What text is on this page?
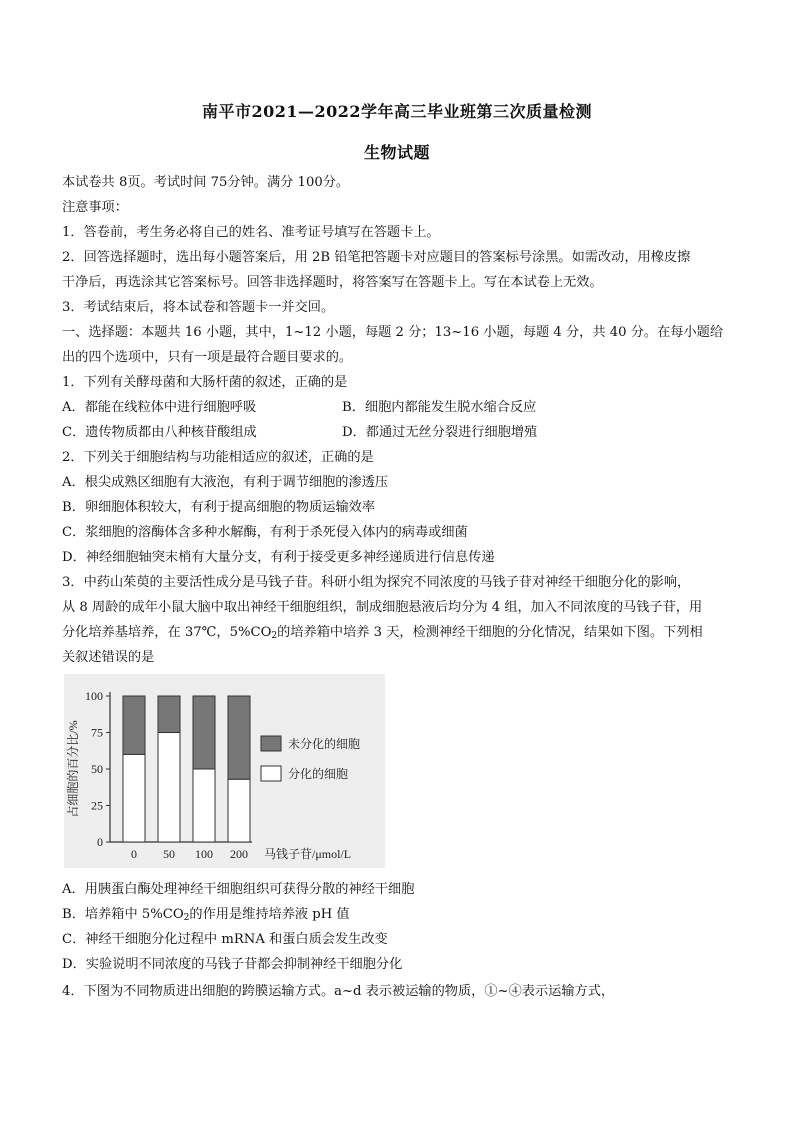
南平市2021—2022学年高三毕业班第三次质量检测
生物试题
本试卷共 8页。考试时间 75分钟。满分 100分。
注意事项：
1．答卷前，考生务必将自己的姓名、准考证号填写在答题卡上。
2．回答选择题时，选出每小题答案后，用 2B 铅笔把答题卡对应题目的答案标号涂黑。如需改动，用橡皮擦
干净后，再选涂其它答案标号。回答非选择题时，将答案写在答题卡上。写在本试卷上无效。
3．考试结束后，将本试卷和答题卡一并交回。
一、选择题：本题共 16 小题，其中，1~12 小题，每题 2 分；13~16 小题，每题 4 分，共 40 分。在每小题给
出的四个选项中，只有一项是最符合题目要求的。
1．下列有关酵母菌和大肠杆菌的叙述，正确的是
A．都能在线粒体中进行细胞呼吸	B．细胞内都能发生脱水缩合反应
C．遗传物质都由八种核苷酸组成	D．都通过无丝分裂进行细胞增殖
2．下列关于细胞结构与功能相适应的叙述，正确的是
A．根尖成熟区细胞有大液泡，有利于调节细胞的渗透压
B．卵细胞体积较大，有利于提高细胞的物质运输效率
C．浆细胞的溶酶体含多种水解酶，有利于杀死侵入体内的病毒或细菌
D．神经细胞轴突末梢有大量分支，有利于接受更多神经递质进行信息传递
3．中药山茱萸的主要活性成分是马钱子苷。科研小组为探究不同浓度的马钱子苷对神经干细胞分化的影响，
从 8 周龄的成年小鼠大脑中取出神经干细胞组织，制成细胞悬液后均分为 4 组，加入不同浓度的马钱子苷，用
分化培养基培养，在 37℃，$5\%CO_2$的培养箱中培养 3 天，检测神经干细胞的分化情况，结果如下图。下列相
关叙述错误的是
0
25
50
75
100
占细胞的百分比/%
0 50 100 200 马钱子苷/μmol/L
未分化的细胞
分化的细胞
A．用胰蛋白酶处理神经干细胞组织可获得分散的神经干细胞
B．培养箱中 $5\%CO_2$的作用是维持培养液 pH 值
C．神经干细胞分化过程中 mRNA 和蛋白质会发生改变
D．实验说明不同浓度的马钱子苷都会抑制神经干细胞分化
4．下图为不同物质进出细胞的跨膜运输方式。a~d 表示被运输的物质，①~④表示运输方式，
